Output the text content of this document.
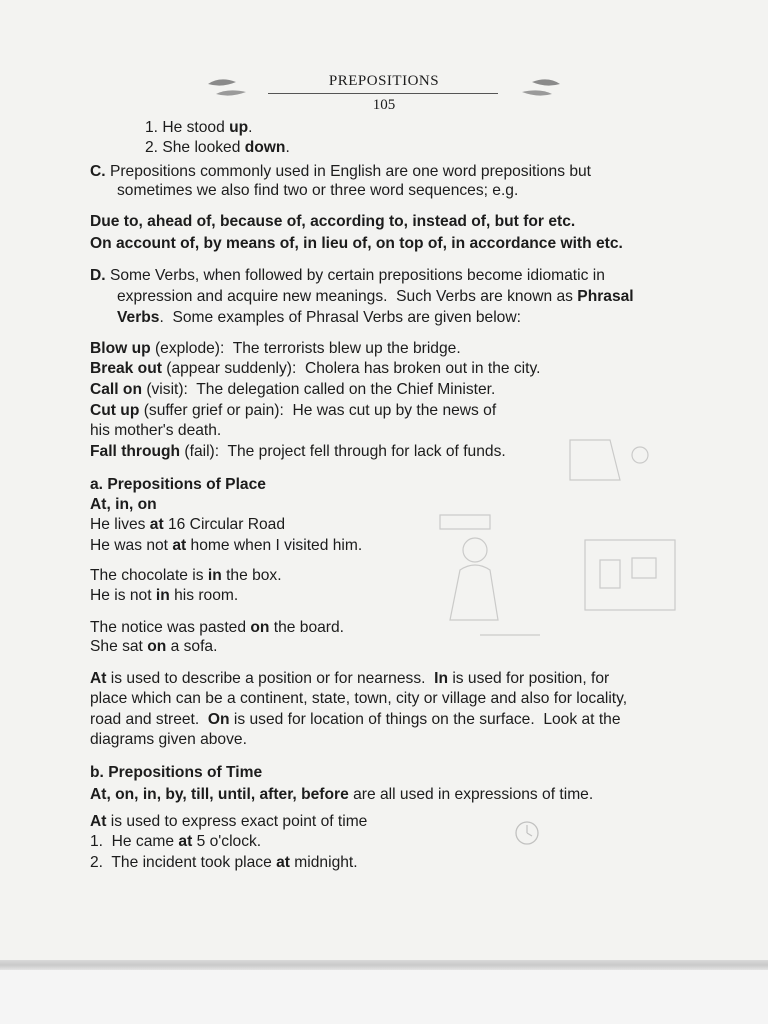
PREPOSITIONS
105
1. He stood up.
2. She looked down.
C. Prepositions commonly used in English are one word prepositions but
sometimes we also find two or three word sequences; e.g.
Due to, ahead of, because of, according to, instead of, but for etc.
On account of, by means of, in lieu of, on top of, in accordance with etc.
D. Some Verbs, when followed by certain prepositions become idiomatic in
expression and acquire new meanings.  Such Verbs are known as Phrasal
Verbs.  Some examples of Phrasal Verbs are given below:
Blow up (explode):  The terrorists blew up the bridge.
Break out (appear suddenly):  Cholera has broken out in the city.
Call on (visit):  The delegation called on the Chief Minister.
Cut up (suffer grief or pain):  He was cut up by the news of
his mother's death.
Fall through (fail):  The project fell through for lack of funds.
a. Prepositions of Place
At, in, on
He lives at 16 Circular Road
He was not at home when I visited him.
The chocolate is in the box.
He is not in his room.
The notice was pasted on the board.
She sat on a sofa.
At is used to describe a position or for nearness.  In is used for position, for
place which can be a continent, state, town, city or village and also for locality,
road and street.  On is used for location of things on the surface.  Look at the
diagrams given above.
b. Prepositions of Time
At, on, in, by, till, until, after, before are all used in expressions of time.
At is used to express exact point of time
1.  He came at 5 o'clock.
2.  The incident took place at midnight.
